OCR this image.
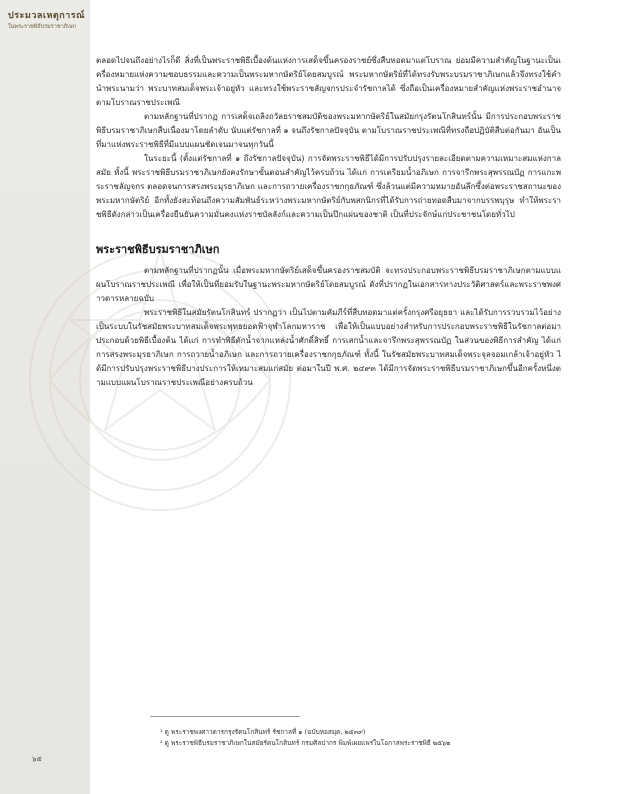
ประมวลเหตุการณ์
ในพระราชพิธีบรมราชาภิเษก

ตลอดไปจนถึงอย่างไรก็ดี สิ่งที่เป็นพระราชพิธีเบื้องต้นแห่งการเสด็จขึ้นครองราชย์ซึ่งสืบทอดมาแต่โบราณ ย่อมมีความสำคัญในฐานะเป็นเครื่องหมายแห่งความชอบธรรมและความเป็นพระมหากษัตริย์โดยสมบูรณ์ พระมหากษัตริย์ที่ได้ทรงรับพระบรมราชาภิเษกแล้วจึงทรงใช้คำนำพระนามว่า พระบาทสมเด็จพระเจ้าอยู่หัว และทรงใช้พระราชลัญจกรประจำรัชกาลได้ ซึ่งถือเป็นเครื่องหมายสำคัญแห่งพระราชอำนาจตามโบราณราชประเพณี

ตามหลักฐานที่ปรากฏ การเสด็จเถลิงถวัลยราชสมบัติของพระมหากษัตริย์ในสมัยกรุงรัตนโกสินทร์นั้น มีการประกอบพระราชพิธีบรมราชาภิเษกสืบเนื่องมาโดยลำดับ นับแต่รัชกาลที่ ๑ จนถึงรัชกาลปัจจุบัน ตามโบราณราชประเพณีที่ทรงถือปฏิบัติสืบต่อกันมา อันเป็นที่มาแห่งพระราชพิธีที่มีแบบแผนชัดเจนมาจนทุกวันนี้

ในระยะนี้ (ตั้งแต่รัชกาลที่ ๑ ถึงรัชกาลปัจจุบัน) การจัดพระราชพิธีได้มีการปรับปรุงรายละเอียดตามความเหมาะสมแห่งกาลสมัย ทั้งนี้ พระราชพิธีบรมราชาภิเษกยังคงรักษาขั้นตอนสำคัญไว้ครบถ้วน ได้แก่ การเตรียมน้ำอภิเษก การจารึกพระสุพรรณบัฏ การแกะพระราชลัญจกร ตลอดจนการสรงพระมุรธาภิเษก และการถวายเครื่องราชกกุธภัณฑ์ ซึ่งล้วนแต่มีความหมายอันลึกซึ้งต่อพระราชสถานะของพระมหากษัตริย์ อีกทั้งยังสะท้อนถึงความสัมพันธ์ระหว่างพระมหากษัตริย์กับพสกนิกรที่ได้รับการถ่ายทอดสืบมาจากบรรพบุรุษ ทำให้พระราชพิธีดังกล่าวเป็นเครื่องยืนยันความมั่นคงแห่งราชบัลลังก์และความเป็นปึกแผ่นของชาติ เป็นที่ประจักษ์แก่ประชาชนโดยทั่วไป

พระราชพิธีบรมราชาภิเษก

ตามหลักฐานที่ปรากฏนั้น เมื่อพระมหากษัตริย์เสด็จขึ้นครองราชสมบัติ จะทรงประกอบพระราชพิธีบรมราชาภิเษกตามแบบแผนโบราณราชประเพณี เพื่อให้เป็นที่ยอมรับในฐานะพระมหากษัตริย์โดยสมบูรณ์ ดังที่ปรากฏในเอกสารทางประวัติศาสตร์และพระราชพงศาวดารหลายฉบับ

พระราชพิธีในสมัยรัตนโกสินทร์ ปรากฏว่า เป็นไปตามคัมภีร์ที่สืบทอดมาแต่ครั้งกรุงศรีอยุธยา และได้รับการรวบรวมไว้อย่างเป็นระบบในรัชสมัยพระบาทสมเด็จพระพุทธยอดฟ้าจุฬาโลกมหาราช เพื่อให้เป็นแบบอย่างสำหรับการประกอบพระราชพิธีในรัชกาลต่อมา ประกอบด้วยพิธีเบื้องต้น ได้แก่ การทำพิธีตักน้ำจากแหล่งน้ำศักดิ์สิทธิ์ การเสกน้ำและจารึกพระสุพรรณบัฏ ในส่วนของพิธีการสำคัญ ได้แก่ การสรงพระมุรธาภิเษก การถวายน้ำอภิเษก และการถวายเครื่องราชกกุธภัณฑ์ ทั้งนี้ ในรัชสมัยพระบาทสมเด็จพระจุลจอมเกล้าเจ้าอยู่หัว ได้มีการปรับปรุงพระราชพิธีบางประการให้เหมาะสมแก่สมัย ต่อมาในปี พ.ศ. ๒๔๙๓ ได้มีการจัดพระราชพิธีบรมราชาภิเษกขึ้นอีกครั้งหนึ่งตามแบบแผนโบราณราชประเพณีอย่างครบถ้วน

¹ ดู พระราชพงศาวดารกรุงรัตนโกสินทร์ รัชกาลที่ ๑ (ฉบับหอสมุด, ๒๕๓๙)
² ดู พระราชพิธีบรมราชาภิเษกในสมัยรัตนโกสินทร์ กรมศิลปากร พิมพ์เผยแพร่ในโอกาสพระราชพิธี ๒๕๖๒
๖๕
